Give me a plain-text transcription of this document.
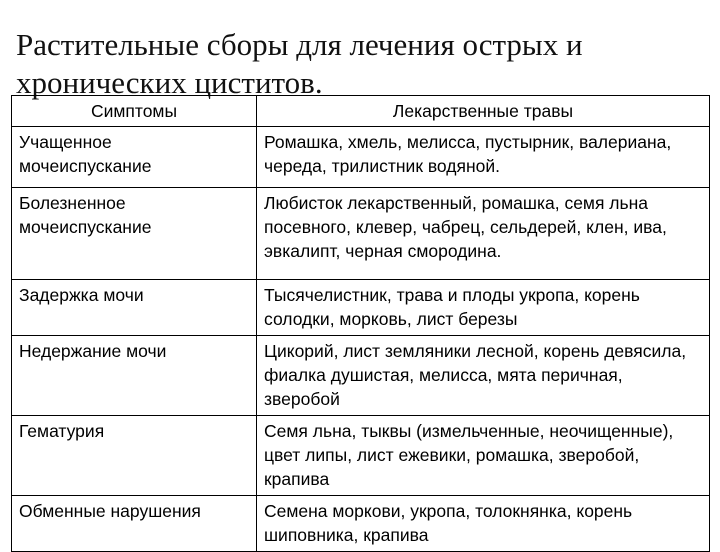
Растительные сборы для лечения острых и хронических циститов.
Симптомы	Лекарственные травы
Учащенное мочеиспускание	Ромашка, хмель, мелисса, пустырник, валериана, череда, трилистник водяной.
Болезненное мочеиспускание	Любисток лекарственный, ромашка, семя льна посевного, клевер, чабрец, сельдерей, клен, ива, эвкалипт, черная смородина.
Задержка мочи	Тысячелистник, трава и плоды укропа, корень солодки, морковь, лист березы
Недержание мочи	Цикорий, лист земляники лесной, корень девясила, фиалка душистая, мелисса, мята перичная, зверобой
Гематурия	Семя льна, тыквы (измельченные, неочищенные), цвет липы, лист ежевики, ромашка, зверобой, крапива
Обменные нарушения	Семена моркови, укропа, толокнянка, корень шиповника, крапива
